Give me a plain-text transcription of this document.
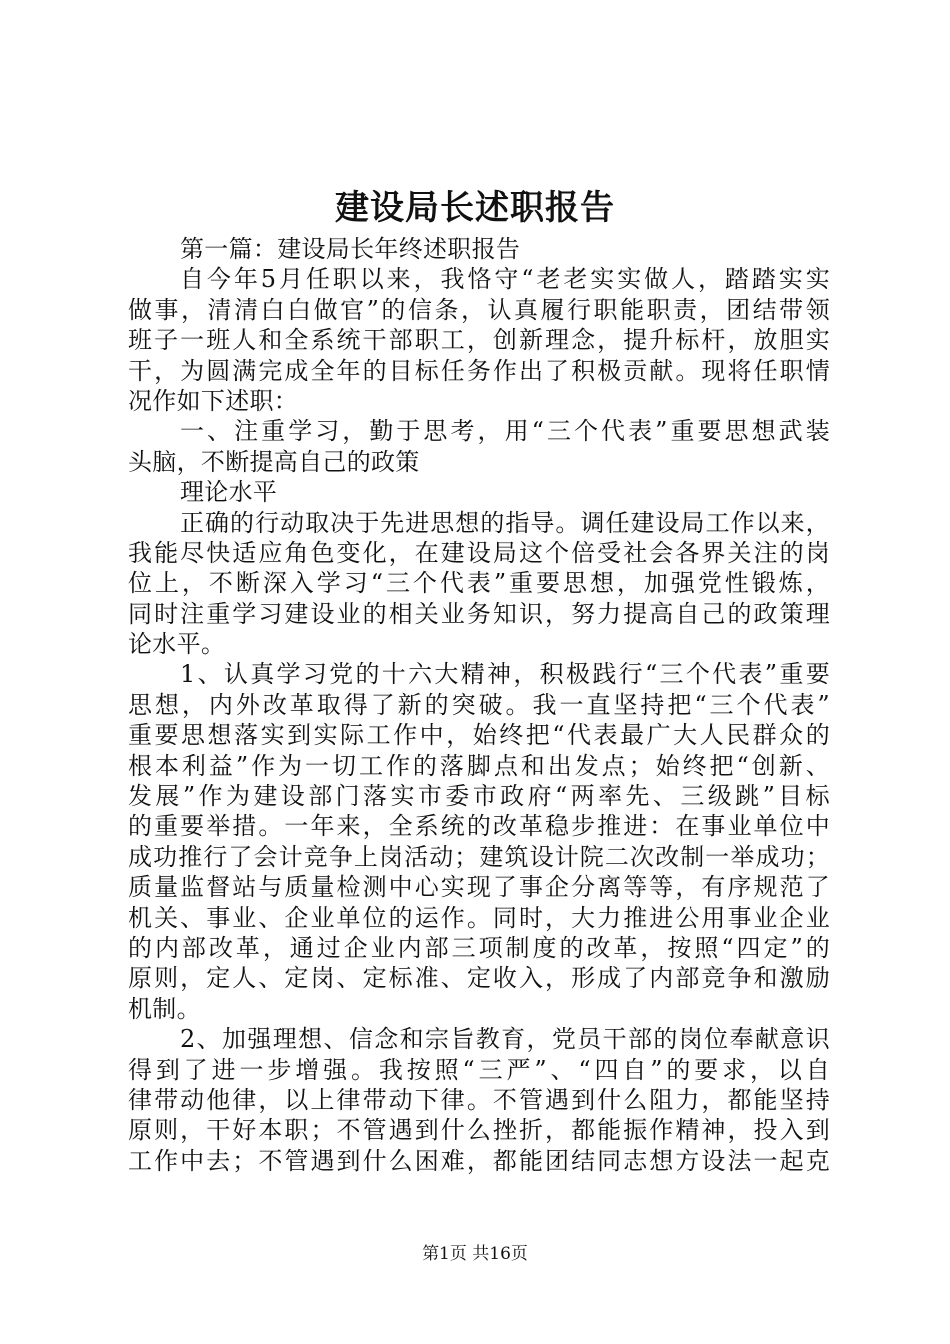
建设局长述职报告
第一篇：建设局长年终述职报告
自今年5月任职以来，我恪守“老老实实做人，踏踏实实
做事，清清白白做官”的信条，认真履行职能职责，团结带领
班子一班人和全系统干部职工，创新理念，提升标杆，放胆实
干，为圆满完成全年的目标任务作出了积极贡献。现将任职情
况作如下述职：
一、注重学习，勤于思考，用“三个代表”重要思想武装
头脑，不断提高自己的政策
理论水平
正确的行动取决于先进思想的指导。调任建设局工作以来，
我能尽快适应角色变化，在建设局这个倍受社会各界关注的岗
位上，不断深入学习“三个代表”重要思想，加强党性锻炼，
同时注重学习建设业的相关业务知识，努力提高自己的政策理
论水平。
1、认真学习党的十六大精神，积极践行“三个代表”重要
思想，内外改革取得了新的突破。我一直坚持把“三个代表”
重要思想落实到实际工作中，始终把“代表最广大人民群众的
根本利益”作为一切工作的落脚点和出发点；始终把“创新、
发展”作为建设部门落实市委市政府“两率先、三级跳”目标
的重要举措。一年来，全系统的改革稳步推进：在事业单位中
成功推行了会计竞争上岗活动；建筑设计院二次改制一举成功；
质量监督站与质量检测中心实现了事企分离等等，有序规范了
机关、事业、企业单位的运作。同时，大力推进公用事业企业
的内部改革，通过企业内部三项制度的改革，按照“四定”的
原则，定人、定岗、定标准、定收入，形成了内部竞争和激励
机制。
2、加强理想、信念和宗旨教育，党员干部的岗位奉献意识
得到了进一步增强。我按照“三严”、“四自”的要求，以自
律带动他律，以上律带动下律。不管遇到什么阻力，都能坚持
原则，干好本职；不管遇到什么挫折，都能振作精神，投入到
工作中去；不管遇到什么困难，都能团结同志想方设法一起克
第1页 共16页
